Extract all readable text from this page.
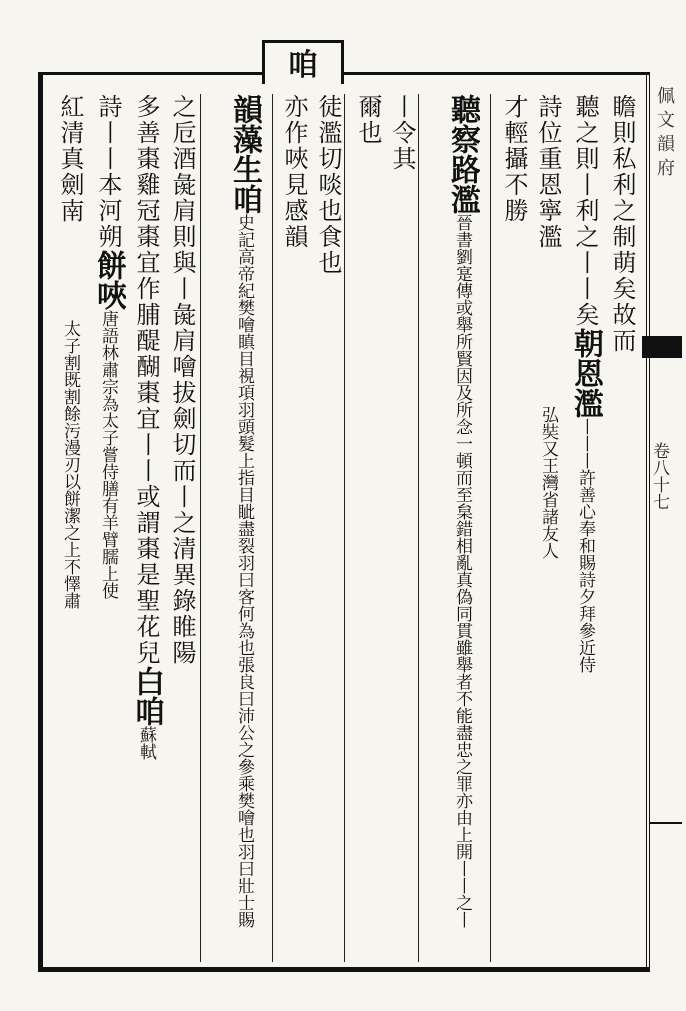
咱
佩文韻府
卷八十七
瞻則私利之制萌矣故而
聽之則丨利之丨丨矣朝恩濫丨丨丨許善心奉和賜詩夕拜參近侍
詩位重恩寧濫弘奘又王灣省諸友人
才輕攝不勝
聽察路濫晉書劉寔傳或舉所賢因及所念一頓而至枲錯相亂真偽同貫雖舉者不能盡忠之罪亦由上開丨丨之丨
丨令其
爾也
徒濫切啖也食也
亦作唊見感韻
韻藻生咱史記高帝紀樊噲瞋目視項羽頭髮上指目眦盡裂羽曰客何為也張良曰沛公之參乘樊噲也羽曰壯士賜
之卮酒彘肩則與丨彘肩噲拔劍切而丨之清異錄睢陽
多善棗雞冠棗宜作脯醍醐棗宜丨丨或謂棗是聖花兒白咱蘇軾
詩丨丨本河朔餅唊唐語林肅宗為太子嘗侍膳有羊臂臑上使
紅清真劍南太子割既割餘污漫刃以餅潔之上不懌肅
